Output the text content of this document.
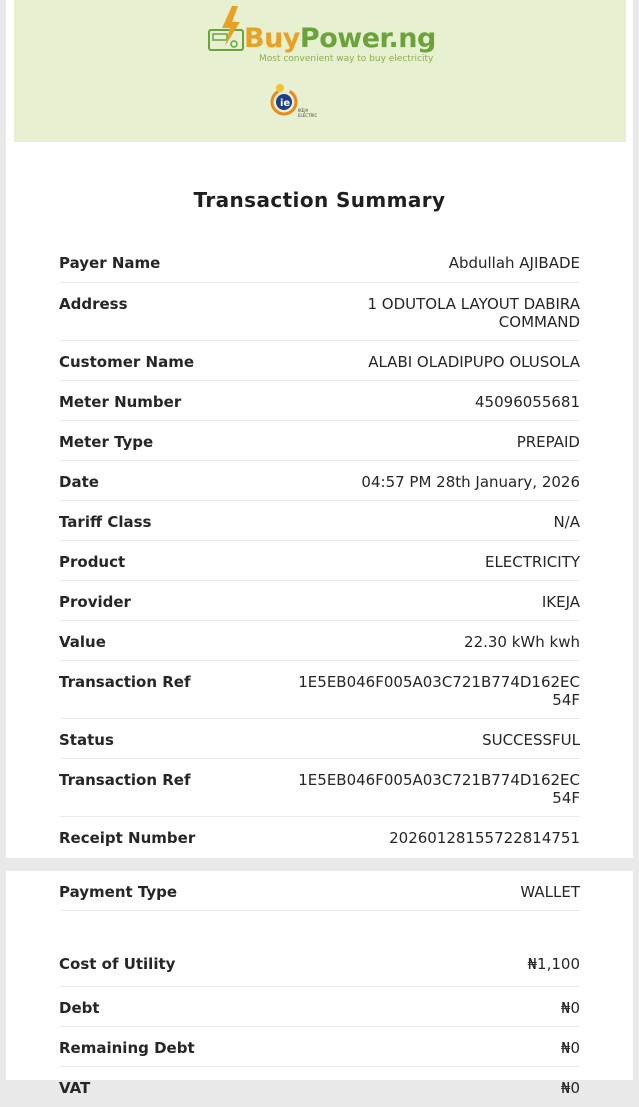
BuyPower.ng
Most convenient way to buy electricity
ie
IKEJA ELECTRIC
Transaction Summary
Payer Name	Abdullah AJIBADE
Address	1 ODUTOLA LAYOUT DABIRA COMMAND
Customer Name	ALABI OLADIPUPO OLUSOLA
Meter Number	45096055681
Meter Type	PREPAID
Date	04:57 PM 28th January, 2026
Tariff Class	N/A
Product	ELECTRICITY
Provider	IKEJA
Value	22.30 kWh kwh
Transaction Ref	1E5EB046F005A03C721B774D162EC54F
Status	SUCCESSFUL
Transaction Ref	1E5EB046F005A03C721B774D162EC54F
Receipt Number	20260128155722814751
Payment Type	WALLET
Cost of Utility	₦1,100
Debt	₦0
Remaining Debt	₦0
VAT	₦0
